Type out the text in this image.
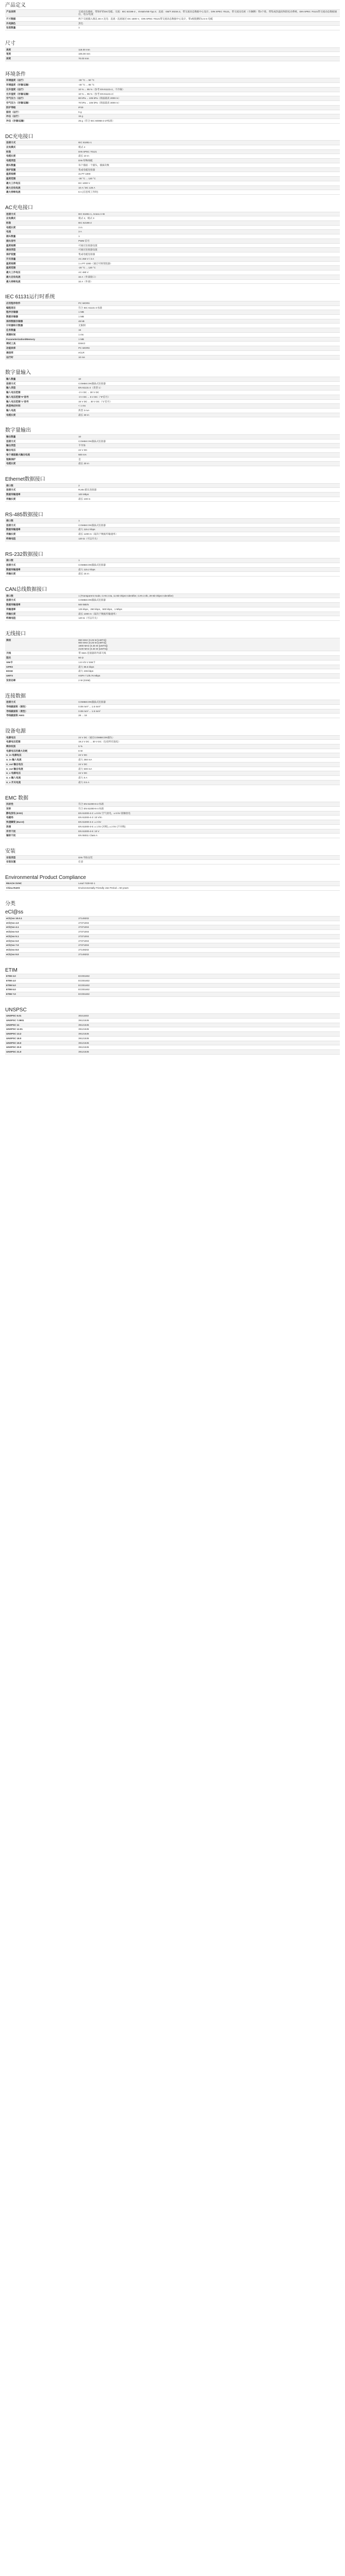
产品定义
产品说明	交流充电插座，带保护的DC电缆。交流：IEC 62196-2 ，EV&EVSE-Typ 2；直流：GB/T 20234.3，带交流动态数据中心设计、DIN SPEC 70121，带交流充电桩（车辆侧）带2个销，带集成热温度和防松动系统，DIN SPEC 70121带交流动态数据通信，电压/电流
尺寸数据	两个交流插入端以 30 A 充电：直流 - 直流通过 DC 1500 V，DIN SPEC 70121带交流动态数据中心设计，带1根阻燃的1.5 m 电缆
外壳颜色	黑色
包装数量	1
尺寸
高度	118.00 mm
宽度	105.00 mm
深度	70.00 mm
环境条件
环境温度（运行）	-30 °C ... 50 °C
环境温度（存储/运输）	-40 °C ... 85 °C
允许湿度（运行）	10 % ... 95 %（参考 EN 61131-2，不冷凝）
允许湿度（存储/运输）	10 % ... 95 %（参考 EN 61131-2）
空气压力（运行）	80 kPa ... 106 kPa（海拔最高 2000 m）
空气压力（存储/运输）	70 kPa ... 106 kPa（海拔最高 3000 m）
防护等级	IP20
振动（运行）	5 g
冲击（运行）	15 g
冲击（存储/运输）	25 g（符合 IEC 60068-2-27标准）
DC充电接口
连接方式	IEC 61851-1
充电模式	模式 4
标准	DIN SPEC 70121
电缆长度	最长 10 m
电缆类型	DIN 特殊线缆
插头数量	每个插座一个插头，插拔次数
保护装置	集成电缆连接器
温度检测	2x PT 1000
温度范围	-30 °C ... 120 °C
最大工作电压	DC 1000 V
最大充电电流	10 A / DC 125 A
最大持续电流	6 A (在连续工作时)
AC充电接口
连接方式	IEC 61851-1, Annex A+B
充电模式	模式 2，模式 3
标准	IEC 62196-2
电缆长度	3 m
电流	3 A
插头数量	1
插头信号	PWM 信号
温度检测	可通过连接器设置
通信类型	可通过连接器设置
保护装置	集成电缆连接器
开关容量	AC 250 V / 3 A
温度检测	1 x PT 1000（通过可调变阻器）
温度范围	-20 °C ... 120 °C
最大工作电压	AC 480 V
最大充电电流	32 A（外部接口）
最大持续电流	32 A（外部）
IEC 61131运行时系统
应用程序软件	PC WORX
编程语言	符合 IEC 61131-3 标准
程序存储器	1 MB
数据存储器	1 MB
保持数据存储器	48 kB
计时器和计数器	无限制
任务数量	16
周期时间	1 ms
Parameterization/Memory	1 MB
调试工具	DSKO
功能块库	PC WORX
通信库	eCLR
运行时	10 ms
数字量输入
输入数量	10
连接方式	COMBICON插拔式连接器
输入类型	EN 61131-2（类型 1）
输入电压范围	-3 V DC ... 30 V DC
输入电压范围"0"信号	-3 V DC ... 5 V DC（"0"信号）
输入电压范围"1"信号	15 V DC ... 30 V DC（"1"信号）
典型响应时间	< 1 ms
输入电流	典型 3 mA
电缆长度	最长 30 m
数字量输出
输出数量	10
连接方式	COMBICON插拔式连接器
输出类型	半导体
输出电压	24 V DC
每个通道最大输出电流	500 mA
短路保护	是
电缆长度	最长 30 m
Ethernet数据接口
接口数	2
连接方式	RJ45 插头连接器
数据传输速率	100 Mbps
传输长度	最长 100 m
RS-485数据接口
接口数	1
连接方式	COMBICON插拔式连接器
数据传输速率	最大 115.2 kbps
传输长度	最长 1200 m（取决于数据传输速率）
终端电阻	120 Ω（可以开关）
RS-232数据接口
接口数	1
连接方式	COMBICON插拔式连接器
数据传输速率	最大 115.2 kbps
传输长度	最长 15 m
CAN总线数据接口
接口数	1 (Transparent mode, CAN 2.0a, 11 Bit Object Identifier, CAN 2.0b, 29 Bit Object Identifier)
连接方式	COMBICON插拔式连接器
数据传输速率	500 kBit/s
传输速率	125 kbps，250 kbps，500 kbps，1 Mbps
传输长度	最长 1000 m（取决于数据传输速率）
终端电阻	120 Ω（可以开关）
无线接口
频段	850 MHz (0.25 W [UMTS])
900 MHz (0.25 W [UMTS])
1900 MHz (0.25 W [UMTS])
2100 MHz (0.25 W [UMTS])
天线	带 SMA 连接器的外部天线
阻抗	50 Ω
SIM卡	1.8 V/3 V SIM卡
GPRS	最大 85.6 kbps
EDGE	最大 236 kbps
UMTS	HSPA 7.2/5.76 Mbps
发射功率	2 W (GSM)
连接数据
连接方式	COMBICON插拔式连接器
导线截面积（刚性）	0.08 mm² ... 1.5 mm²
导线截面积（柔性）	0.08 mm² ... 1.5 mm²
导线截面积 AWG	28 ... 16
设备电源
电源电压	24 V DC（通过COMBICON插头）
电源电压范围	19.2 V DC ... 30 V DC（包括所有波纹）
剩余纹波	5 %
电源电压的最大功耗	8 W
U_in 电源电压	24 V DC
U_in 输入电流	最大 350 mA
U_out 输出电压	24 V DC
U_out 输出电流	最大 500 mA
U_s 电源电压	24 V DC
U_s 输入电流	最大 8 A
U_s 开关电流	最大 0.5 A
EMC 数据
抗扰性	符合 EN 61000-6-2 标准
发射	符合 EN 61000-6-4 标准
静电放电 (ESD)	EN 61000-4-2: ± 8 kV 空气放电，± 6 kV 接触放电
电磁场	EN 61000-4-3: 10 V/m
快速瞬变 (Burst)	EN 61000-4-4: ± 2 kV
浪涌	EN 61000-4-5: ± 1 kV (对称), ± 2 kV (不对称)
传导干扰	EN 61000-4-6: 10 V
辐射干扰	EN 55011 Class A
安装
安装类型	DIN 导轨安装
安装位置	任意
Environmental Product Compliance
REACH SVHC	Lead 7439-92-1
China RoHS	Environmentally Friendly Use Period = 50 years
分类
eCl@ss
eCl@ss 10.0.1	27149202
eCl@ss 4.0	27371004
eCl@ss 4.1	27371004
eCl@ss 5.0	27371004
eCl@ss 5.1	27371004
eCl@ss 6.0	27371004
eCl@ss 7.0	27371004
eCl@ss 8.0	27149202
eCl@ss 9.0	27149202
ETIM
ETIM 3.0	EC001602
ETIM 4.0	EC001602
ETIM 5.0	EC001602
ETIM 6.0	EC001602
ETIM 7.0	EC001602
UNSPSC
UNSPSC 6.01	30211502
UNSPSC 7.0901	39121535
UNSPSC 11	39121535
UNSPSC 12.01	39121535
UNSPSC 13.2	39121535
UNSPSC 18.0	39121535
UNSPSC 19.0	39121535
UNSPSC 20.0	39121535
UNSPSC 21.0	39121535
